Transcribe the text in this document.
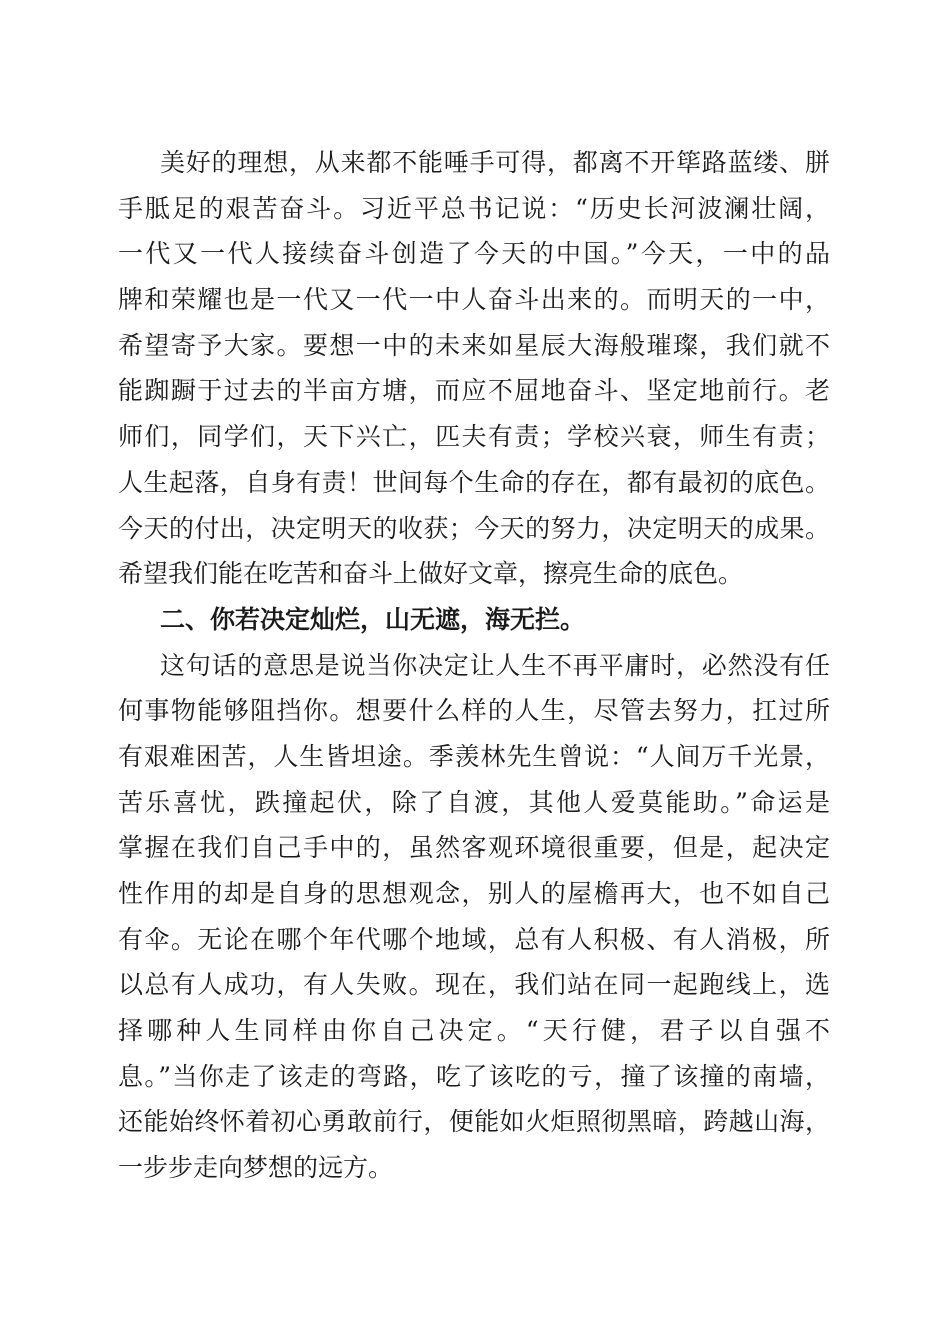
美好的理想，从来都不能唾手可得，都离不开筚路蓝缕、胼
手胝足的艰苦奋斗。习近平总书记说：“历史长河波澜壮阔，
一代又一代人接续奋斗创造了今天的中国。”今天，一中的品
牌和荣耀也是一代又一代一中人奋斗出来的。而明天的一中，
希望寄予大家。要想一中的未来如星辰大海般璀璨，我们就不
能踟蹰于过去的半亩方塘，而应不屈地奋斗、坚定地前行。老
师们，同学们，天下兴亡，匹夫有责；学校兴衰，师生有责；
人生起落，自身有责！世间每个生命的存在，都有最初的底色。
今天的付出，决定明天的收获；今天的努力，决定明天的成果。
希望我们能在吃苦和奋斗上做好文章，擦亮生命的底色。
二、你若决定灿烂，山无遮，海无拦。
这句话的意思是说当你决定让人生不再平庸时，必然没有任
何事物能够阻挡你。想要什么样的人生，尽管去努力，扛过所
有艰难困苦，人生皆坦途。季羡林先生曾说：“人间万千光景，
苦乐喜忧，跌撞起伏，除了自渡，其他人爱莫能助。”命运是
掌握在我们自己手中的，虽然客观环境很重要，但是，起决定
性作用的却是自身的思想观念，别人的屋檐再大，也不如自己
有伞。无论在哪个年代哪个地域，总有人积极、有人消极，所
以总有人成功，有人失败。现在，我们站在同一起跑线上，选
择哪种人生同样由你自己决定。“天行健，君子以自强不
息。”当你走了该走的弯路，吃了该吃的亏，撞了该撞的南墙，
还能始终怀着初心勇敢前行，便能如火炬照彻黑暗，跨越山海，
一步步走向梦想的远方。
